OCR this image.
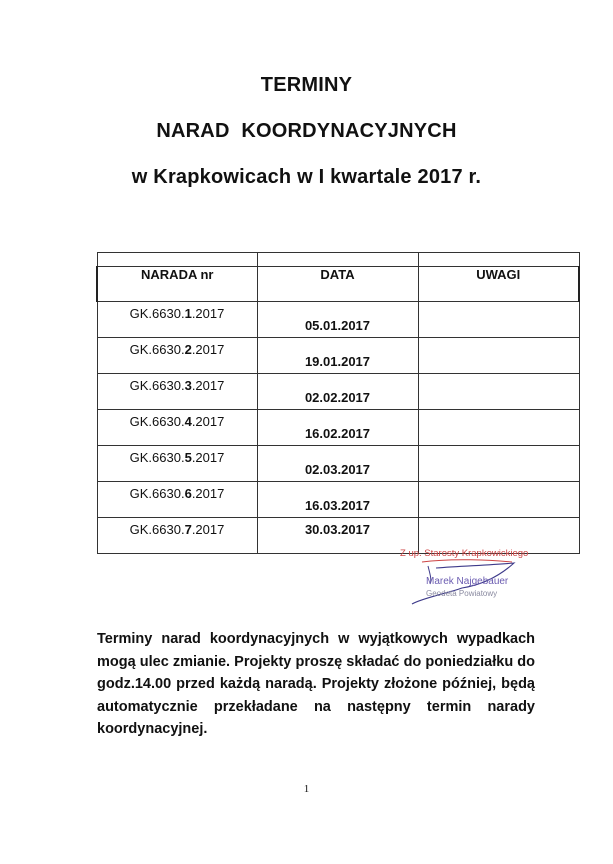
TERMINY
NARAD KOORDYNACYJNYCH
w Krapkowicach w I kwartale 2017 r.

NARADA nr	DATA	UWAGI
GK.6630.1.2017	05.01.2017	
GK.6630.2.2017	19.01.2017	
GK.6630.3.2017	02.02.2017	
GK.6630.4.2017	16.02.2017	
GK.6630.5.2017	02.03.2017	
GK.6630.6.2017	16.03.2017	
GK.6630.7.2017	30.03.2017	
Z up. Starosty Krapkowickiego
Marek Najgebauer
Geodeta Powiatowy
Terminy narad koordynacyjnych w wyjątkowych wypadkach mogą ulec zmianie. Projekty proszę składać do poniedziałku do godz.14.00 przed każdą naradą. Projekty złożone później, będą automatycznie przekładane na następny termin narady koordynacyjnej.
1
